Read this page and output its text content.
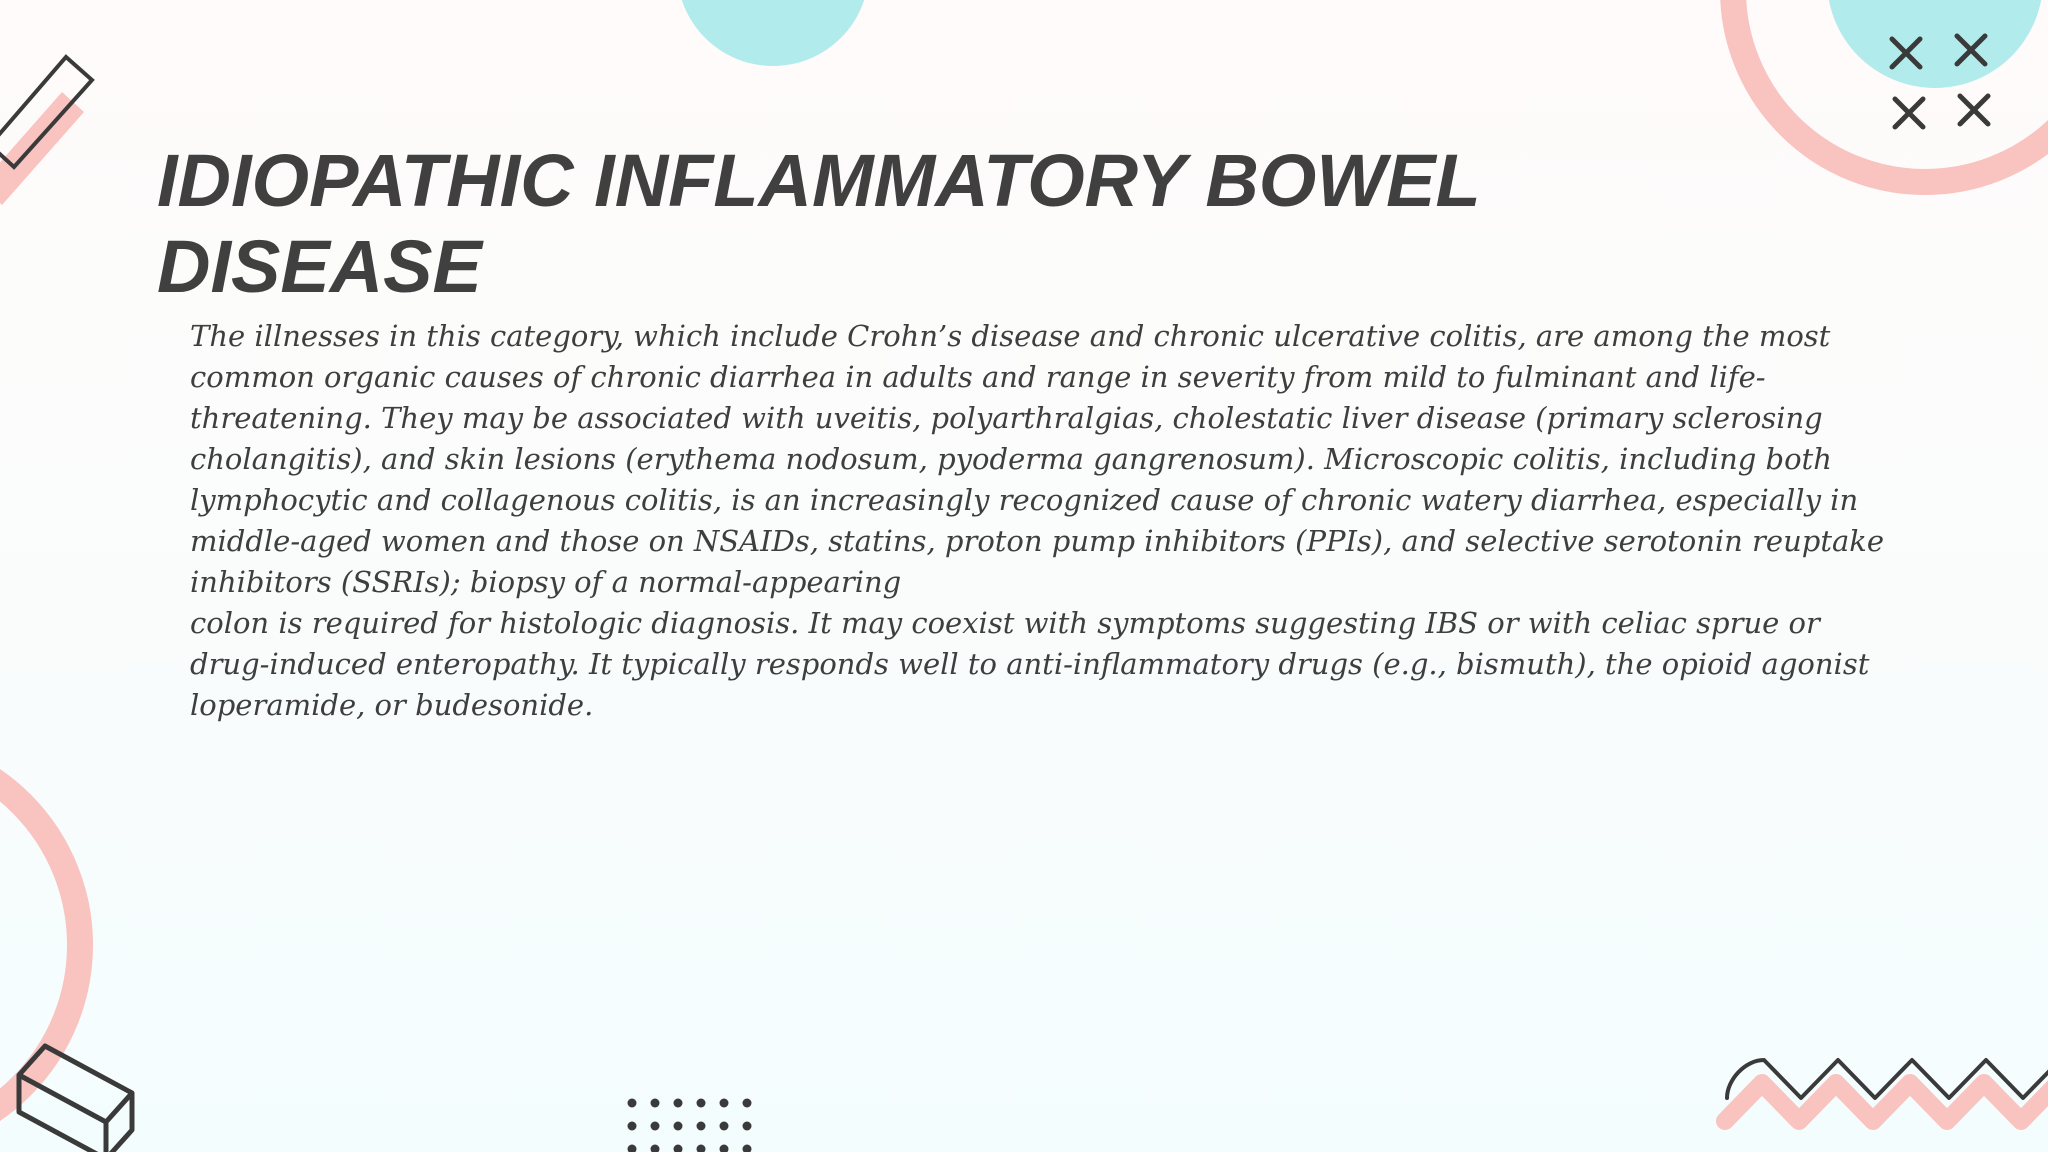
IDIOPATHIC INFLAMMATORY BOWEL
DISEASE
The illnesses in this category, which include Crohn’s disease and chronic ulcerative colitis, are among the most
common organic causes of chronic diarrhea in adults and range in severity from mild to fulminant and life-
threatening. They may be associated with uveitis, polyarthralgias, cholestatic liver disease (primary sclerosing
cholangitis), and skin lesions (erythema nodosum, pyoderma gangrenosum). Microscopic colitis, including both
lymphocytic and collagenous colitis, is an increasingly recognized cause of chronic watery diarrhea, especially in
middle-aged women and those on NSAIDs, statins, proton pump inhibitors (PPIs), and selective serotonin reuptake
inhibitors (SSRIs); biopsy of a normal-appearing
colon is required for histologic diagnosis. It may coexist with symptoms suggesting IBS or with celiac sprue or
drug-induced enteropathy. It typically responds well to anti-inflammatory drugs (e.g., bismuth), the opioid agonist
loperamide, or budesonide.
